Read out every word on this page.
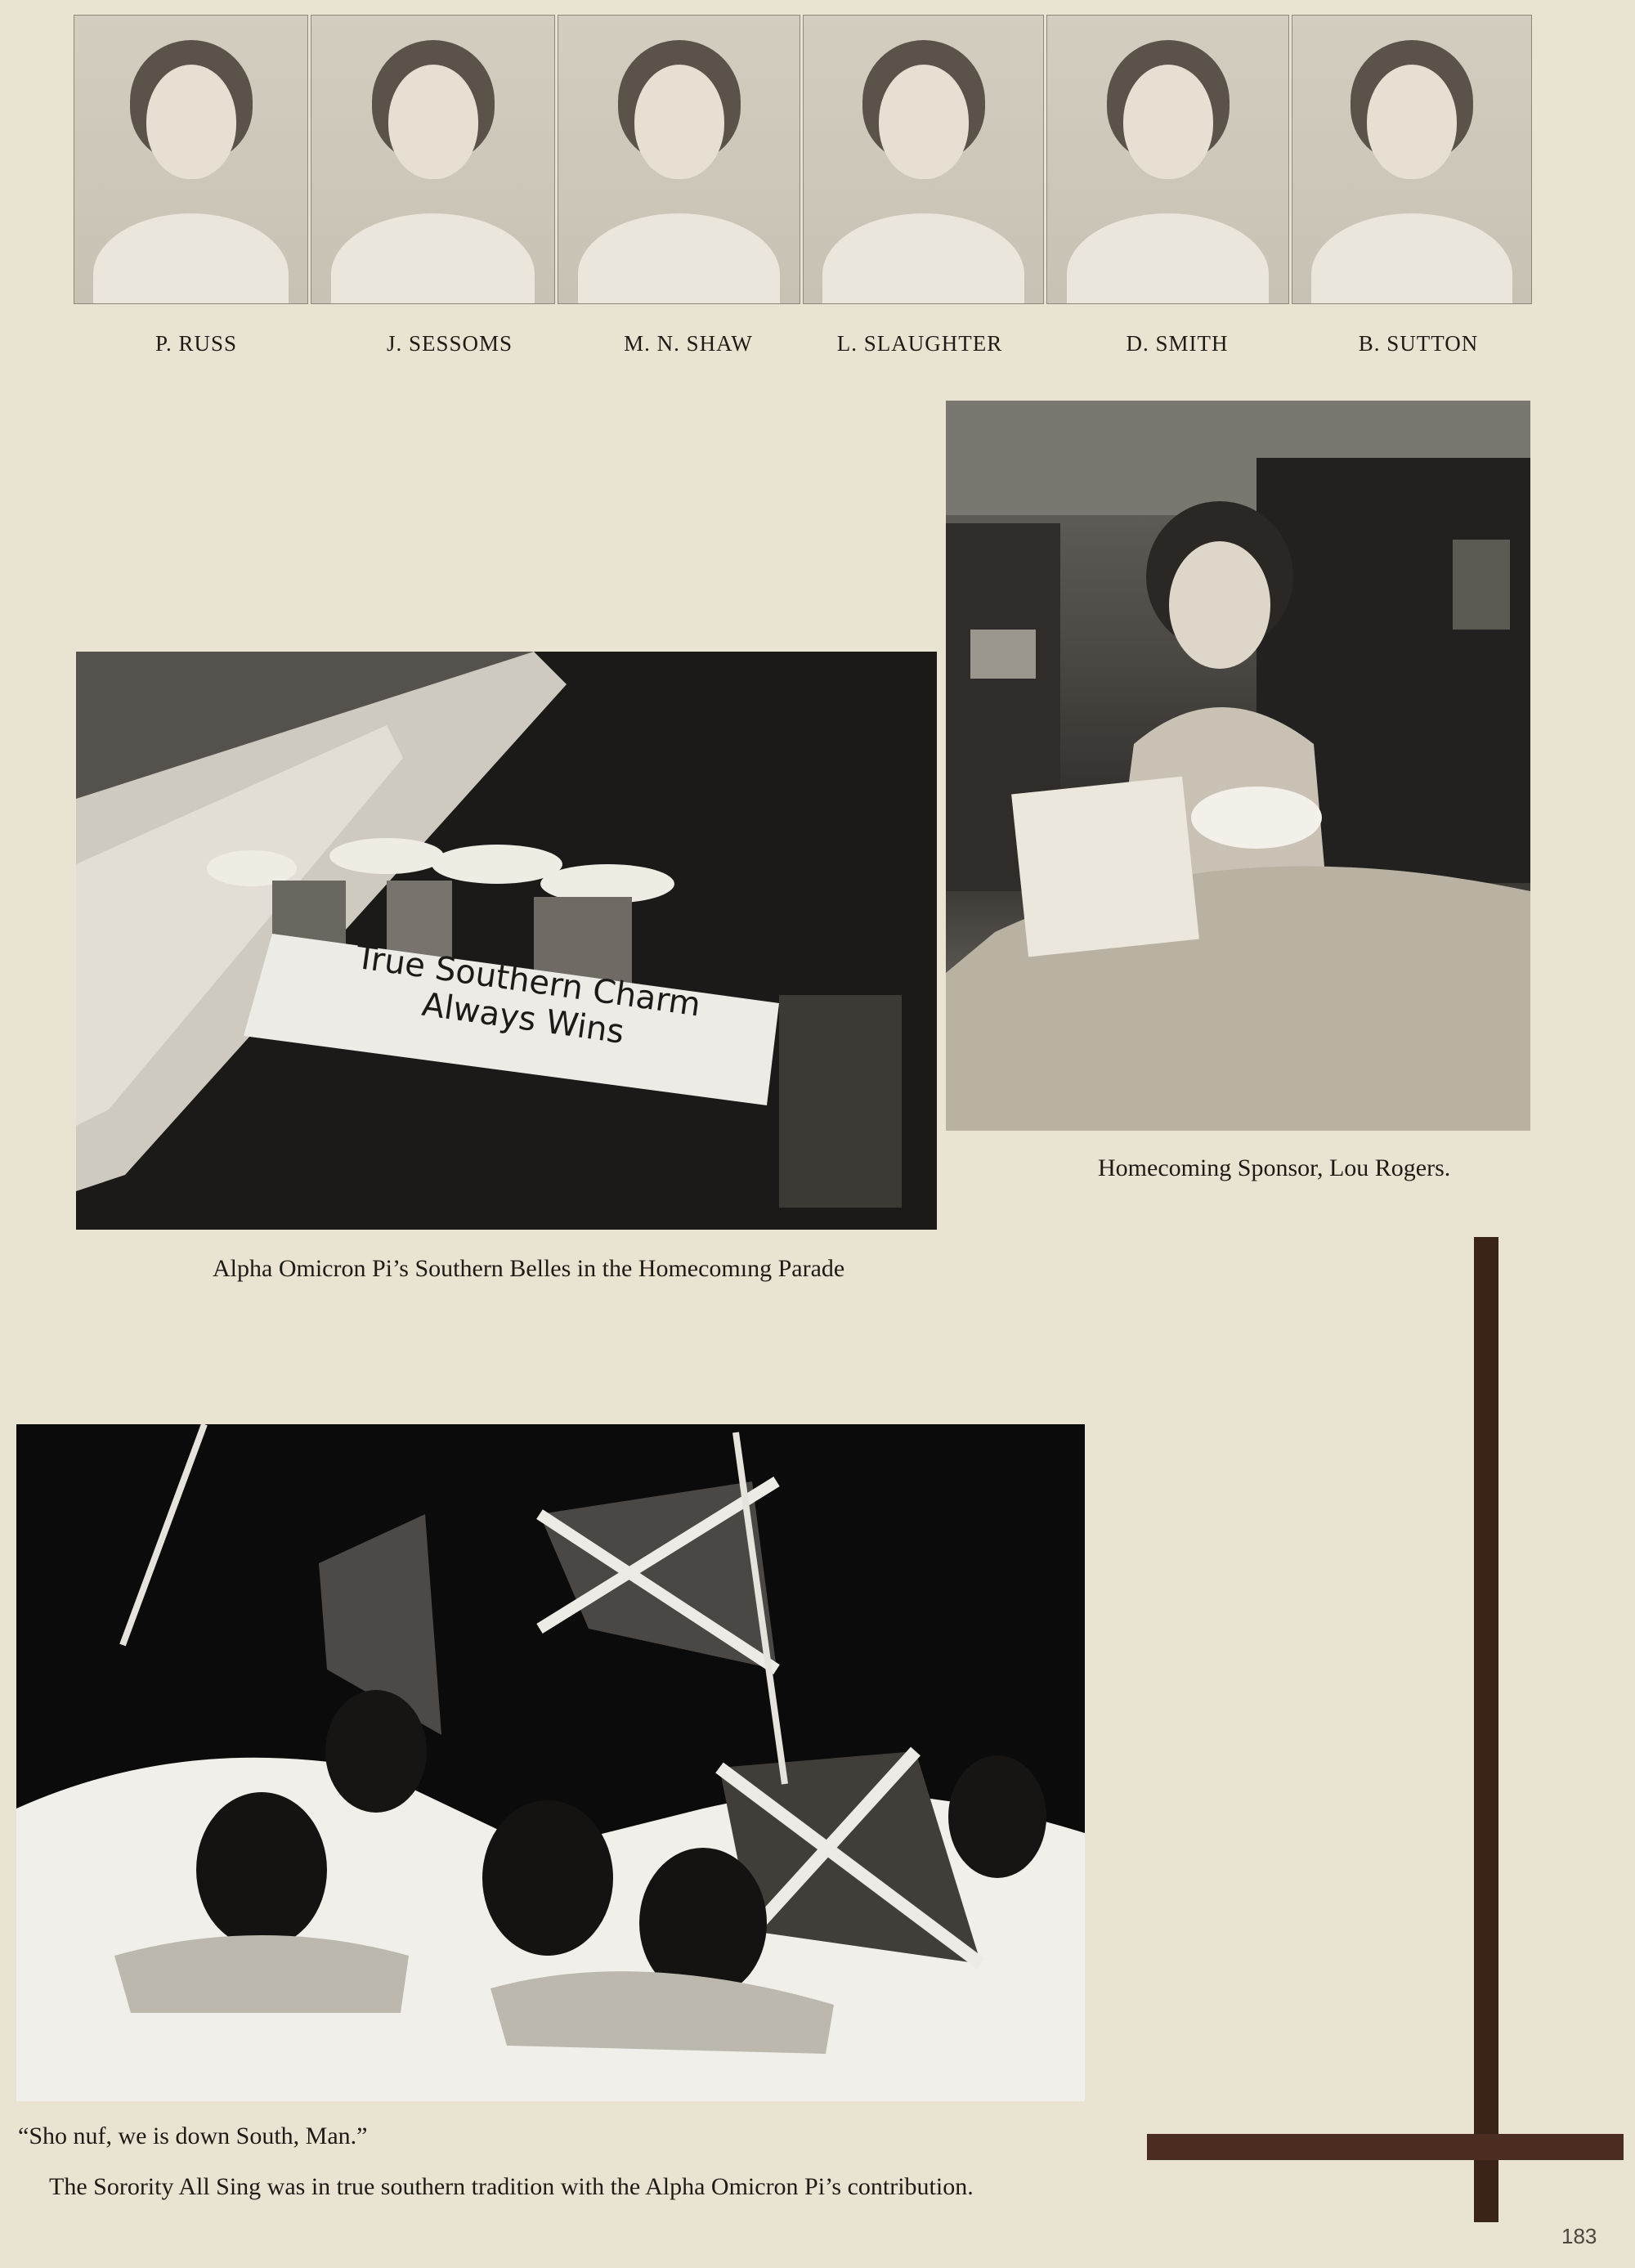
P. RUSS	J. SESSOMS	M. N. SHAW	L. SLAUGHTER	D. SMITH	B. SUTTON
Homecoming Sponsor, Lou Rogers.
True Southern Charm Always Wins
Alpha Omicron Pi’s Southern Belles in the Homecomıng Parade
“Sho nuf, we is down South, Man.”
The Sorority All Sing was in true southern tradition with the Alpha Omicron Pi’s contribution.
183
